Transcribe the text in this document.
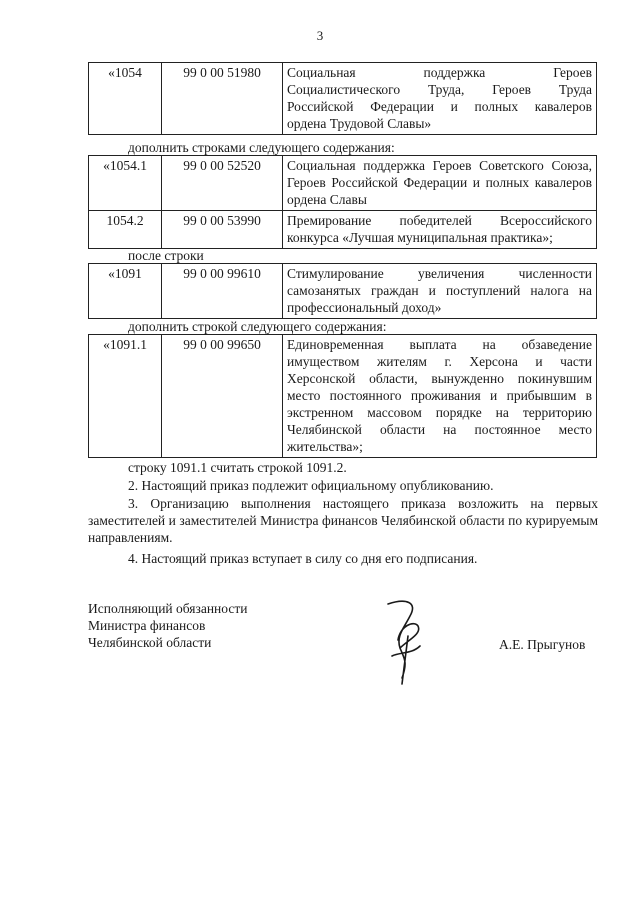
3
«1054	99 0 00 51980	Социальная поддержка Героев
Социалистического Труда, Героев Труда
Российской Федерации и полных кавалеров
ордена Трудовой Славы»
дополнить строками следующего содержания:
«1054.1	99 0 00 52520	Социальная поддержка Героев Советского Союза, Героев Российской Федерации и полных кавалеров ордена Славы
1054.2	99 0 00 53990	Премирование победителей Всероссийского конкурса «Лучшая муниципальная практика»;
после строки
«1091	99 0 00 99610	Стимулирование увеличения численности самозанятых граждан и поступлений налога на профессиональный доход»
дополнить строкой следующего содержания:
«1091.1	99 0 00 99650	Единовременная выплата на обзаведение имуществом жителям г. Херсона и части Херсонской области, вынужденно покинувшим место постоянного проживания и прибывшим в экстренном массовом порядке на территорию Челябинской области на постоянное место жительства»;
строку 1091.1 считать строкой 1091.2.
2. Настоящий приказ подлежит официальному опубликованию.
3. Организацию выполнения настоящего приказа возложить на первых заместителей и заместителей Министра финансов Челябинской области по курируемым направлениям.
4. Настоящий приказ вступает в силу со дня его подписания.
Исполняющий обязанности
Министра финансов
Челябинской области	А.Е. Прыгунов
